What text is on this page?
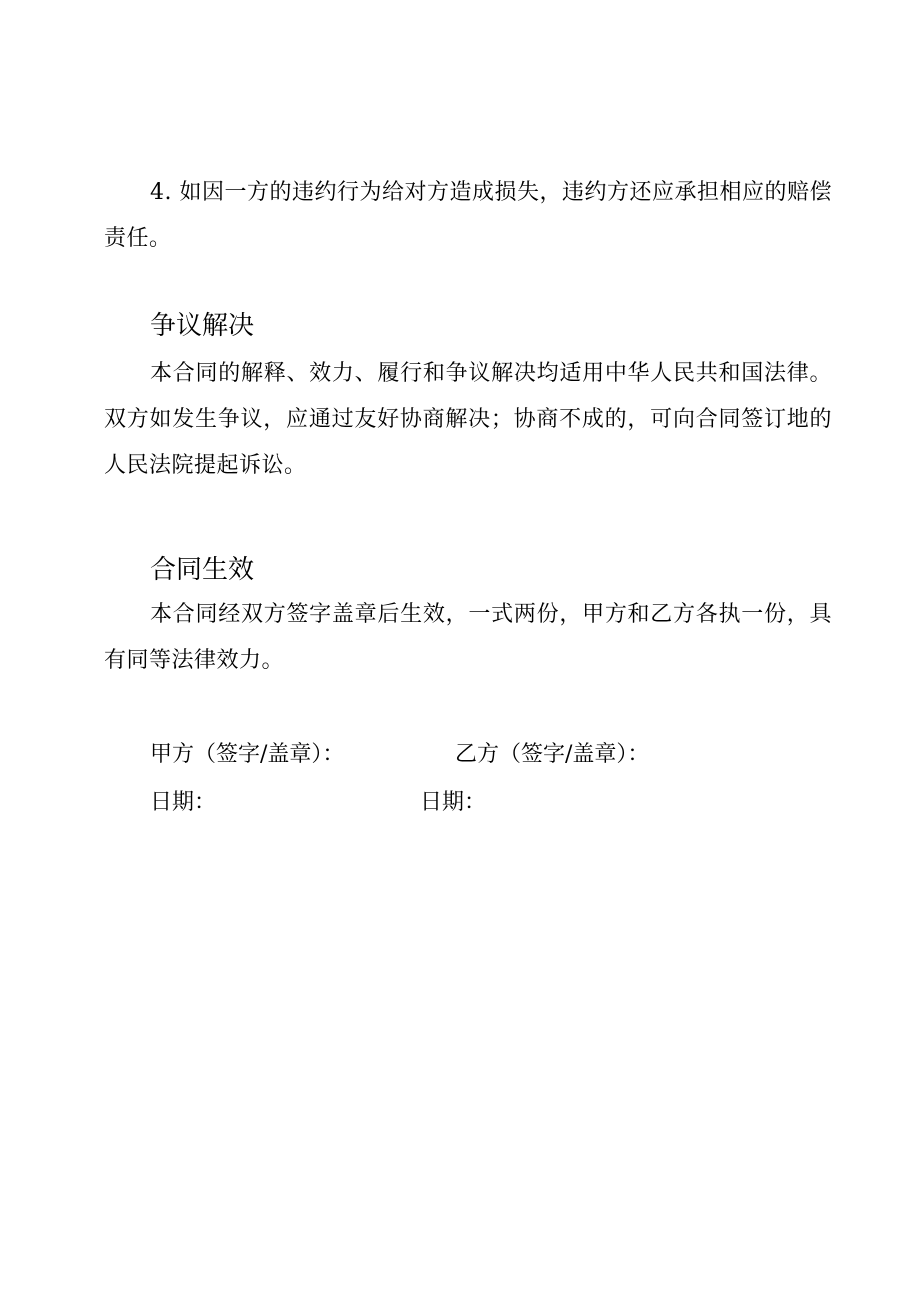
4. 如因一方的违约行为给对方造成损失，违约方还应承担相应的赔偿责任。

争议解决

本合同的解释、效力、履行和争议解决均适用中华人民共和国法律。双方如发生争议，应通过友好协商解决；协商不成的，可向合同签订地的人民法院提起诉讼。

合同生效

本合同经双方签字盖章后生效，一式两份，甲方和乙方各执一份，具有同等法律效力。

甲方（签字/盖章）：	乙方（签字/盖章）：
日期：	日期：
